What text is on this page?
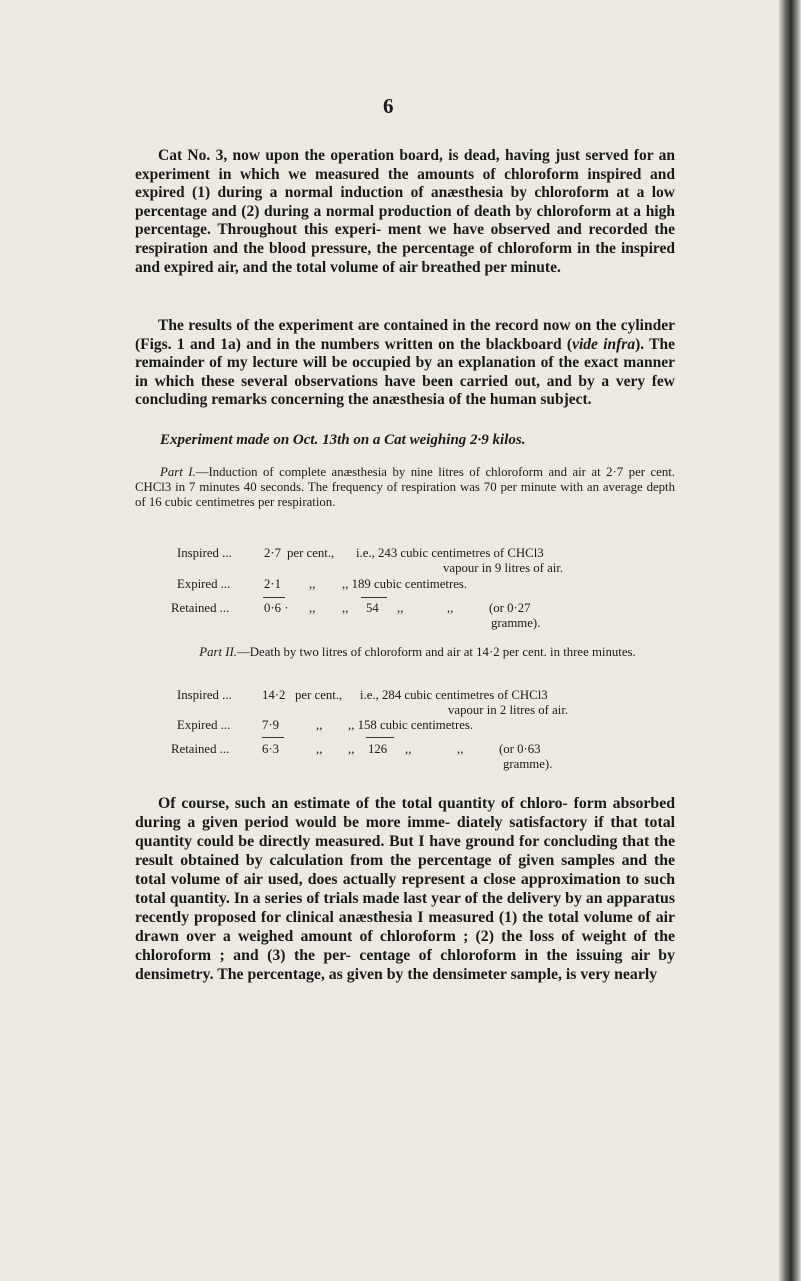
6

Cat No. 3, now upon the operation board, is dead, having just served for an experiment in which we measured the amounts of chloroform inspired and expired (1) during a normal induction of anæsthesia by chloroform at a low percentage and (2) during a normal production of death by chloroform at a high percentage. Throughout this experi- ment we have observed and recorded the respiration and the blood pressure, the percentage of chloroform in the inspired and expired air, and the total volume of air breathed per minute.

The results of the experiment are contained in the record now on the cylinder (Figs. 1 and 1a) and in the numbers written on the blackboard (vide infra). The remainder of my lecture will be occupied by an explanation of the exact manner in which these several observations have been carried out, and by a very few concluding remarks concerning the anæsthesia of the human subject.

Experiment made on Oct. 13th on a Cat weighing 2·9 kilos.

Part I.—Induction of complete anæsthesia by nine litres of chloroform and air at 2·7 per cent. CHCl3 in 7 minutes 40 seconds. The frequency of respiration was 70 per minute with an average depth of 16 cubic centimetres per respiration.

Inspired ...	2·7 per cent., i.e., 243 cubic centimetres of CHCl3
vapour in 9 litres of air.
Expired ...	2·1 ,, ,, 189 cubic centimetres.
Retained ...	0·6 · ,, ,, 54 ,,	,,	(or 0·27
gramme).

Part II.—Death by two litres of chloroform and air at 14·2 per cent. in three minutes.

Inspired ... 14·2 per cent., i.e., 284 cubic centimetres of CHCl3
vapour in 2 litres of air.
Expired ... 7·9	,, ,, 158 cubic centimetres.
Retained ...	6·3	,, ,, 126 ,,	,,	(or 0·63
gramme).

Of course, such an estimate of the total quantity of chloro- form absorbed during a given period would be more imme- diately satisfactory if that total quantity could be directly measured. But I have ground for concluding that the result obtained by calculation from the percentage of given samples and the total volume of air used, does actually represent a close approximation to such total quantity. In a series of trials made last year of the delivery by an apparatus recently proposed for clinical anæsthesia I measured (1) the total volume of air drawn over a weighed amount of chloroform ; (2) the loss of weight of the chloroform ; and (3) the per- centage of chloroform in the issuing air by densimetry. The percentage, as given by the densimeter sample, is very nearly
